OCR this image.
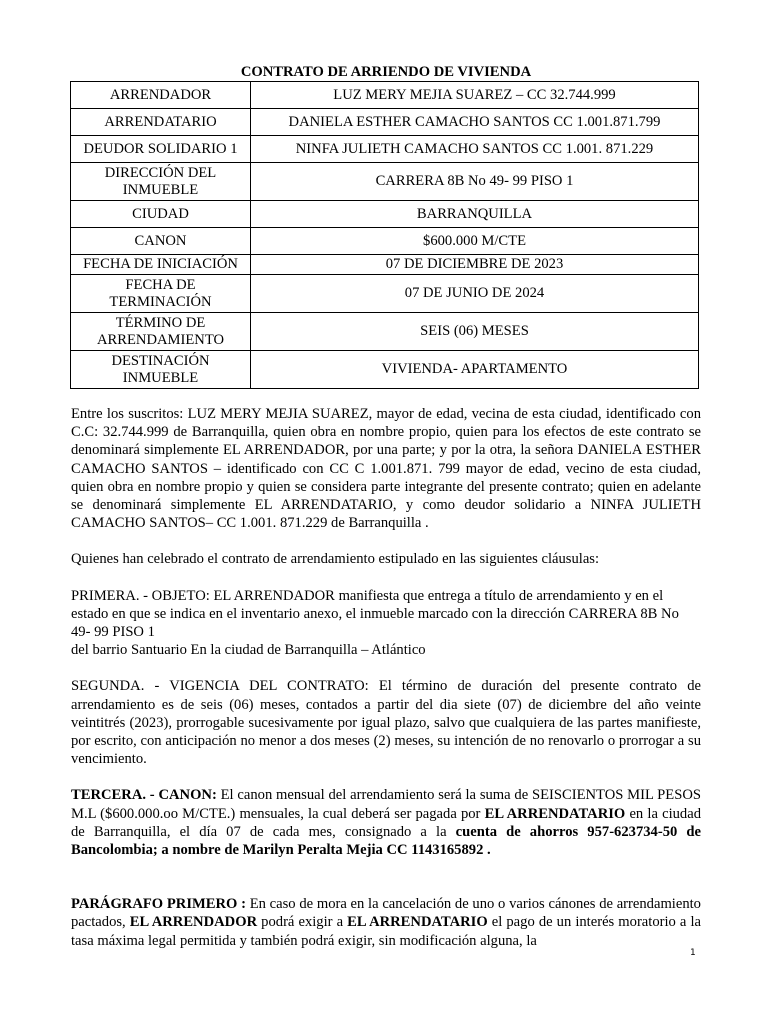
CONTRATO DE ARRIENDO DE VIVIENDA
ARRENDADOR	LUZ MERY MEJIA SUAREZ – CC 32.744.999
ARRENDATARIO	DANIELA ESTHER CAMACHO SANTOS CC 1.001.871.799
DEUDOR SOLIDARIO 1	NINFA JULIETH CAMACHO SANTOS CC 1.001. 871.229
DIRECCIÓN DEL INMUEBLE	CARRERA 8B No 49- 99 PISO 1
CIUDAD	BARRANQUILLA
CANON	$600.000 M/CTE
FECHA DE INICIACIÓN	07 DE DICIEMBRE DE 2023
FECHA DE TERMINACIÓN	07 DE JUNIO DE 2024
TÉRMINO DE ARRENDAMIENTO	SEIS (06) MESES
DESTINACIÓN INMUEBLE	VIVIENDA- APARTAMENTO

Entre los suscritos: LUZ MERY MEJIA SUAREZ, mayor de edad, vecina de esta ciudad, identificado con C.C: 32.744.999 de Barranquilla, quien obra en nombre propio, quien para los efectos de este contrato se denominará simplemente EL ARRENDADOR, por una parte; y por la otra, la señora DANIELA ESTHER CAMACHO SANTOS – identificado con CC C 1.001.871. 799 mayor de edad, vecino de esta ciudad, quien obra en nombre propio y quien se considera parte integrante del presente contrato; quien en adelante se denominará simplemente EL ARRENDATARIO, y como deudor solidario a NINFA JULIETH CAMACHO SANTOS– CC 1.001. 871.229 de Barranquilla .

Quienes han celebrado el contrato de arrendamiento estipulado en las siguientes cláusulas:

PRIMERA. - OBJETO: EL ARRENDADOR manifiesta que entrega a título de arrendamiento y en el estado en que se indica en el inventario anexo, el inmueble marcado con la dirección CARRERA 8B No 49- 99 PISO 1

del barrio Santuario En la ciudad de Barranquilla – Atlántico

SEGUNDA. - VIGENCIA DEL CONTRATO: El término de duración del presente contrato de arrendamiento es de seis (06) meses, contados a partir del dia siete (07) de diciembre del año veinte veintitrés (2023), prorrogable sucesivamente por igual plazo, salvo que cualquiera de las partes manifieste, por escrito, con anticipación no menor a dos meses (2) meses, su intención de no renovarlo o prorrogar a su vencimiento.

TERCERA. - CANON: El canon mensual del arrendamiento será la suma de SEISCIENTOS MIL PESOS M.L ($600.000.oo M/CTE.) mensuales, la cual deberá ser pagada por EL ARRENDATARIO en la ciudad de Barranquilla, el día 07 de cada mes, consignado a la cuenta de ahorros 957-623734-50 de Bancolombia; a nombre de Marilyn Peralta Mejia CC 1143165892 .

PARÁGRAFO PRIMERO : En caso de mora en la cancelación de uno o varios cánones de arrendamiento pactados, EL ARRENDADOR podrá exigir a EL ARRENDATARIO el pago de un interés moratorio a la tasa máxima legal permitida y también podrá exigir, sin modificación alguna, la

1
